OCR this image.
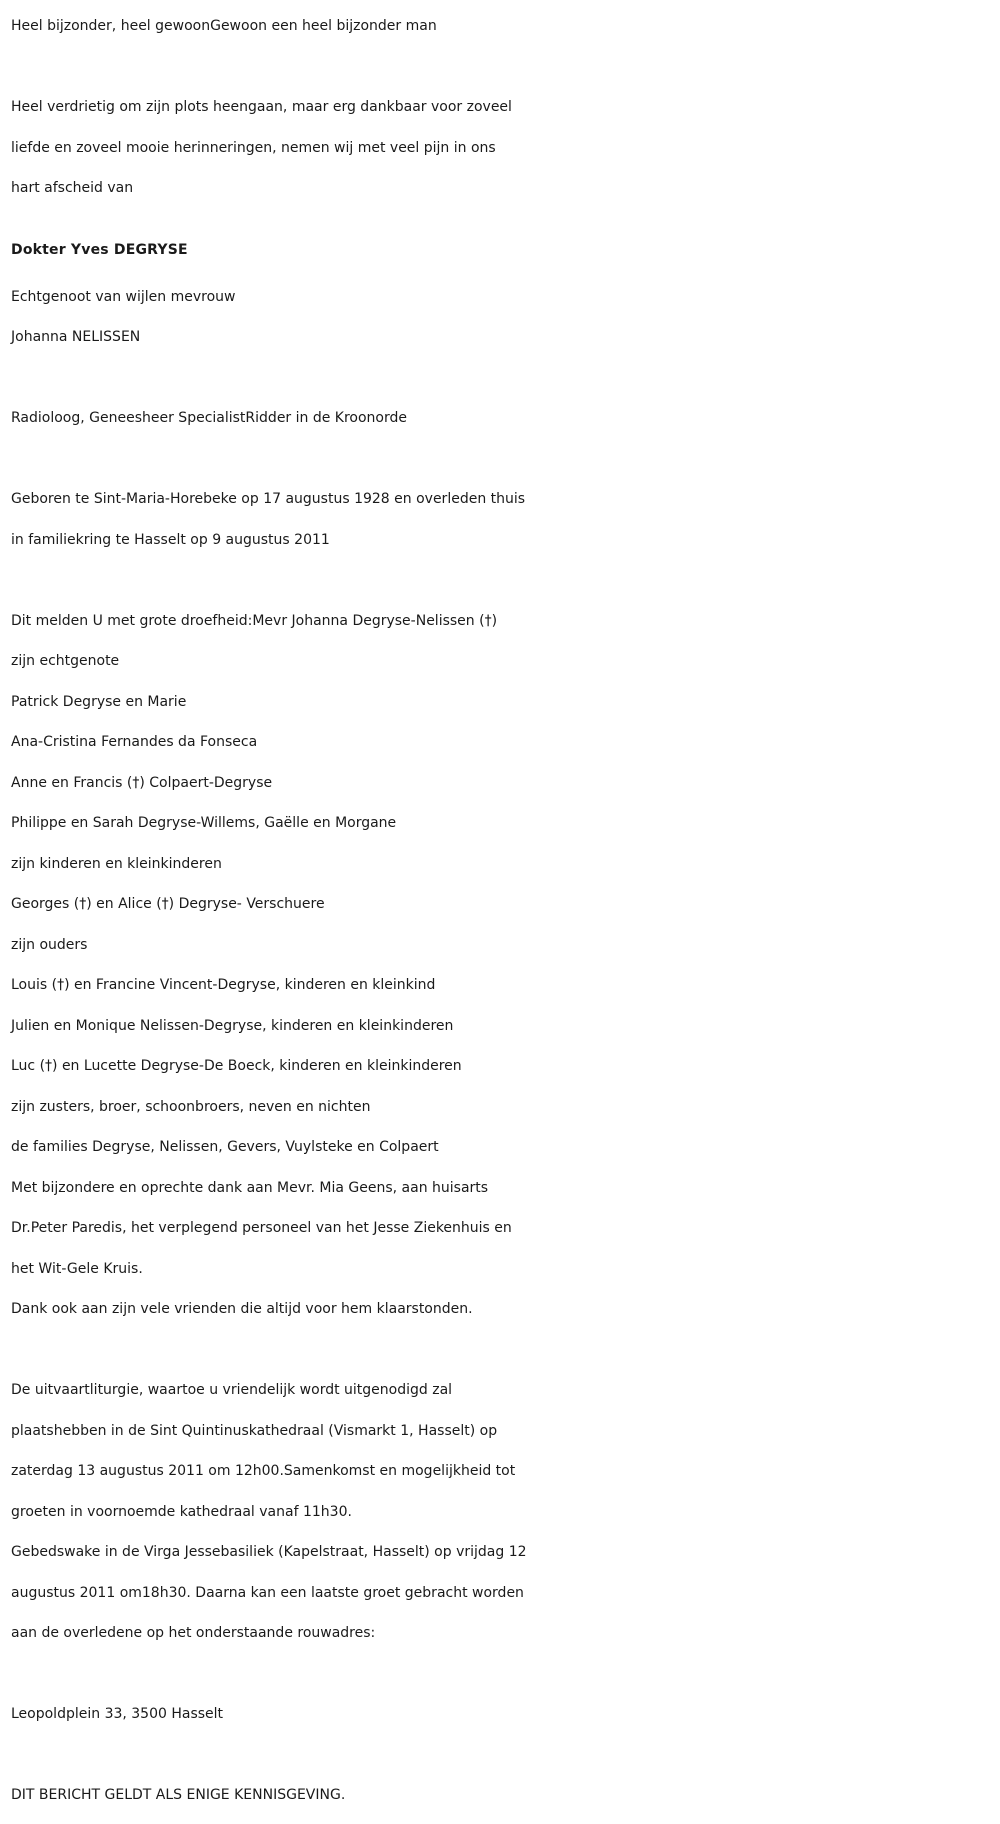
Heel bijzonder, heel gewoonGewoon een heel bijzonder man

Heel verdrietig om zijn plots heengaan, maar erg dankbaar voor zoveel

liefde en zoveel mooie herinneringen, nemen wij met veel pijn in ons

hart afscheid van

Dokter Yves DEGRYSE

Echtgenoot van wijlen mevrouw

Johanna NELISSEN

Radioloog, Geneesheer SpecialistRidder in de Kroonorde

Geboren te Sint-Maria-Horebeke op 17 augustus 1928 en overleden thuis

in familiekring te Hasselt op 9 augustus 2011

Dit melden U met grote droefheid:Mevr Johanna Degryse-Nelissen (†)

zijn echtgenote

Patrick Degryse en Marie

Ana-Cristina Fernandes da Fonseca

Anne en Francis (†) Colpaert-Degryse

Philippe en Sarah Degryse-Willems, Gaëlle en Morgane

zijn kinderen en kleinkinderen

Georges (†) en Alice (†) Degryse- Verschuere

zijn ouders

Louis (†) en Francine Vincent-Degryse, kinderen en kleinkind

Julien en Monique Nelissen-Degryse, kinderen en kleinkinderen

Luc (†) en Lucette Degryse-De Boeck, kinderen en kleinkinderen

zijn zusters, broer, schoonbroers, neven en nichten

de families Degryse, Nelissen, Gevers, Vuylsteke en Colpaert

Met bijzondere en oprechte dank aan Mevr. Mia Geens, aan huisarts

Dr.Peter Paredis, het verplegend personeel van het Jesse Ziekenhuis en

het Wit-Gele Kruis.

Dank ook aan zijn vele vrienden die altijd voor hem klaarstonden.

De uitvaartliturgie, waartoe u vriendelijk wordt uitgenodigd zal

plaatshebben in de Sint Quintinuskathedraal (Vismarkt 1, Hasselt) op

zaterdag 13 augustus 2011 om 12h00.Samenkomst en mogelijkheid tot

groeten in voornoemde kathedraal vanaf 11h30.

Gebedswake in de Virga Jessebasiliek (Kapelstraat, Hasselt) op vrijdag 12

augustus 2011 om18h30. Daarna kan een laatste groet gebracht worden

aan de overledene op het onderstaande rouwadres:

Leopoldplein 33, 3500 Hasselt

DIT BERICHT GELDT ALS ENIGE KENNISGEVING.
